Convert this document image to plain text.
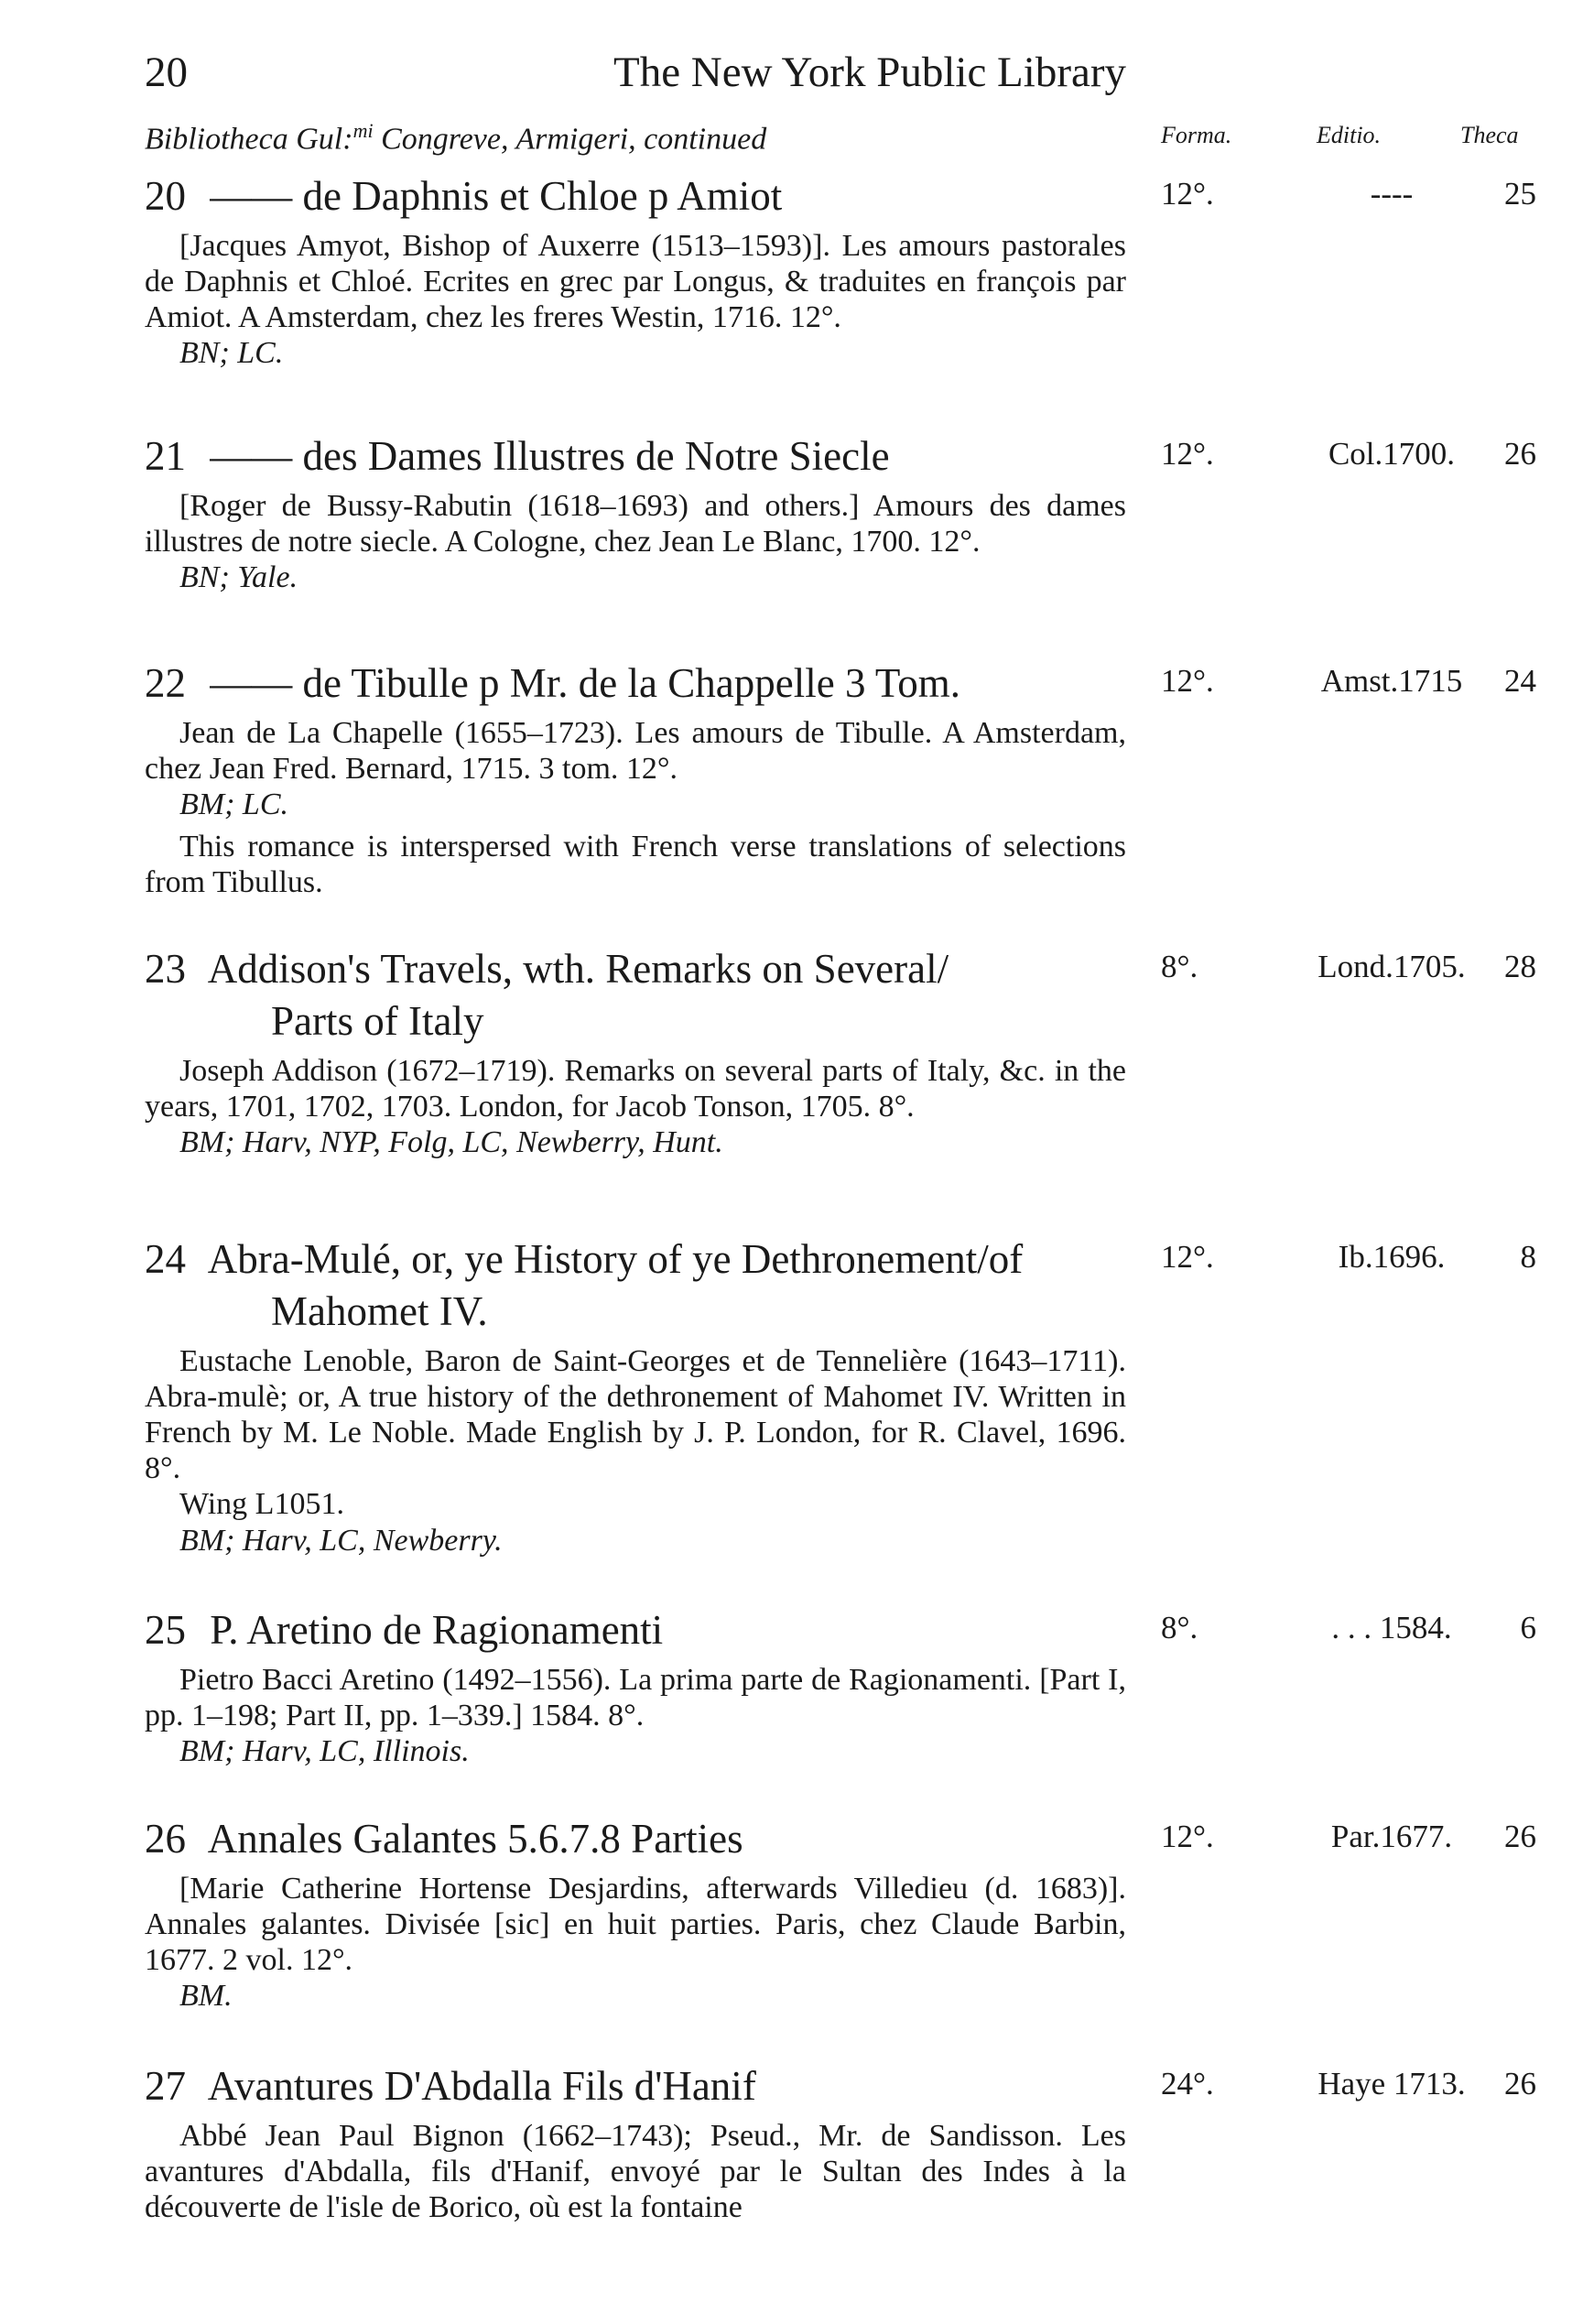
20	The New York Public Library
Bibliotheca Gul:$^{mi}$ Congreve, Armigeri, continued	Forma.	Editio.	Theca
20 —— de Daphnis et Chloe p Amiot	12°.	----	25
[Jacques Amyot, Bishop of Auxerre (1513–1593)]. Les amours pastorales de Daphnis et Chloé. Ecrites en grec par Longus, & traduites en françois par Amiot. A Amsterdam, chez les freres Westin, 1716. 12°.
BN; LC.
21 —— des Dames Illustres de Notre Siecle	12°.	Col.1700.	26
[Roger de Bussy-Rabutin (1618–1693) and others.] Amours des dames illustres de notre siecle. A Cologne, chez Jean Le Blanc, 1700. 12°.
BN; Yale.
22 —— de Tibulle p Mr. de la Chappelle 3 Tom.	12°.	Amst.1715	24
Jean de La Chapelle (1655–1723). Les amours de Tibulle. A Amsterdam, chez Jean Fred. Bernard, 1715. 3 tom. 12°.
BM; LC.
This romance is interspersed with French verse translations of selections from Tibullus.
23 Addison's Travels, wth. Remarks on Several/
Parts of Italy
8°.	Lond.1705.	28
Joseph Addison (1672–1719). Remarks on several parts of Italy, &c. in the years, 1701, 1702, 1703. London, for Jacob Tonson, 1705. 8°.
BM; Harv, NYP, Folg, LC, Newberry, Hunt.
24 Abra-Mulé, or, ye History of ye Dethronement/of
Mahomet IV.
12°.	Ib.1696.	8
Eustache Lenoble, Baron de Saint-Georges et de Tennelière (1643–1711). Abra-mulè; or, A true history of the dethronement of Mahomet IV. Written in French by M. Le Noble. Made English by J. P. London, for R. Clavel, 1696. 8°.
Wing L1051.
BM; Harv, LC, Newberry.
25 P. Aretino de Ragionamenti	8°.	. . . 1584.	6
Pietro Bacci Aretino (1492–1556). La prima parte de Ragionamenti. [Part I, pp. 1–198; Part II, pp. 1–339.] 1584. 8°.
BM; Harv, LC, Illinois.
26 Annales Galantes 5.6.7.8 Parties	12°.	Par.1677.	26
[Marie Catherine Hortense Desjardins, afterwards Villedieu (d. 1683)]. Annales galantes. Divisée [sic] en huit parties. Paris, chez Claude Barbin, 1677. 2 vol. 12°.
BM.
27 Avantures D'Abdalla Fils d'Hanif	24°.	Haye 1713.	26
Abbé Jean Paul Bignon (1662–1743); Pseud., Mr. de Sandisson. Les avantures d'Abdalla, fils d'Hanif, envoyé par le Sultan des Indes à la découverte de l'isle de Borico, où est la fontaine
